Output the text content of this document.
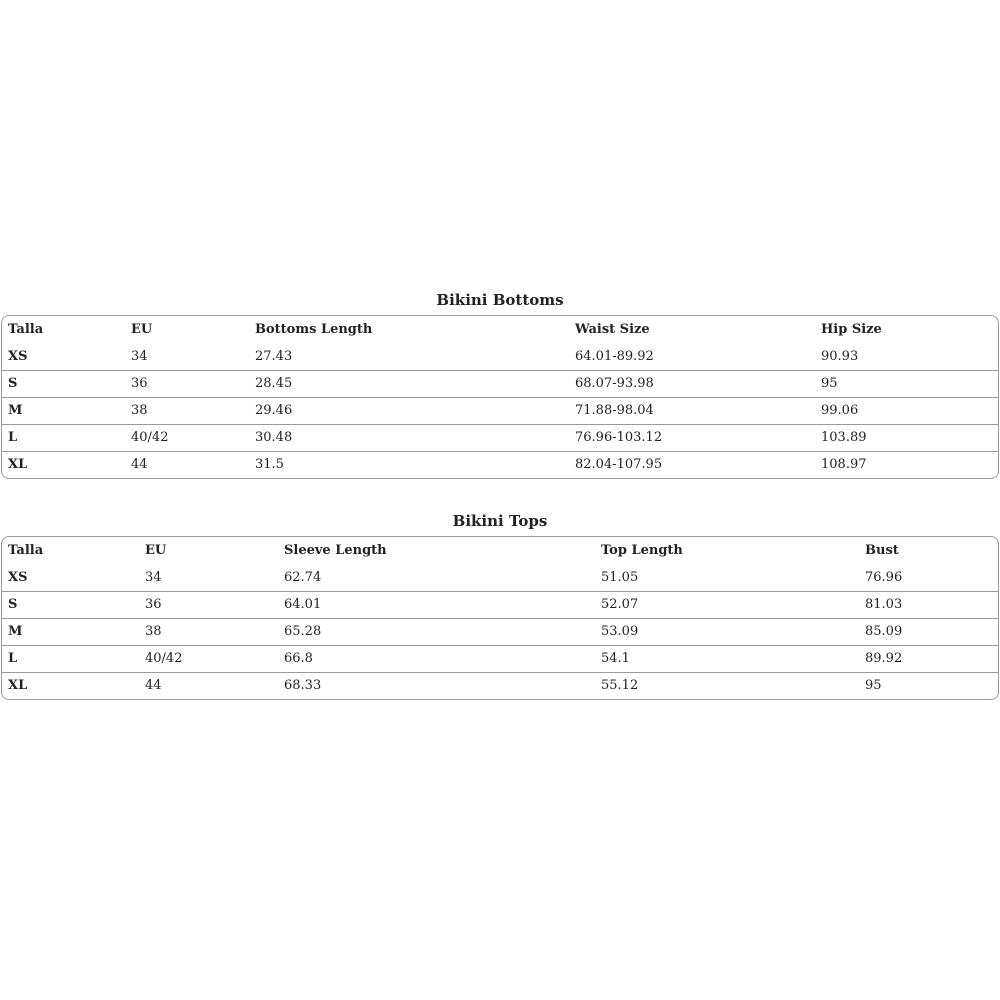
Bikini Bottoms
Talla	EU	Bottoms Length	Waist Size	Hip Size
XS	34	27.43	64.01-89.92	90.93
S	36	28.45	68.07-93.98	95
M	38	29.46	71.88-98.04	99.06
L	40/42	30.48	76.96-103.12	103.89
XL	44	31.5	82.04-107.95	108.97
Bikini Tops
Talla	EU	Sleeve Length	Top Length	Bust
XS	34	62.74	51.05	76.96
S	36	64.01	52.07	81.03
M	38	65.28	53.09	85.09
L	40/42	66.8	54.1	89.92
XL	44	68.33	55.12	95
